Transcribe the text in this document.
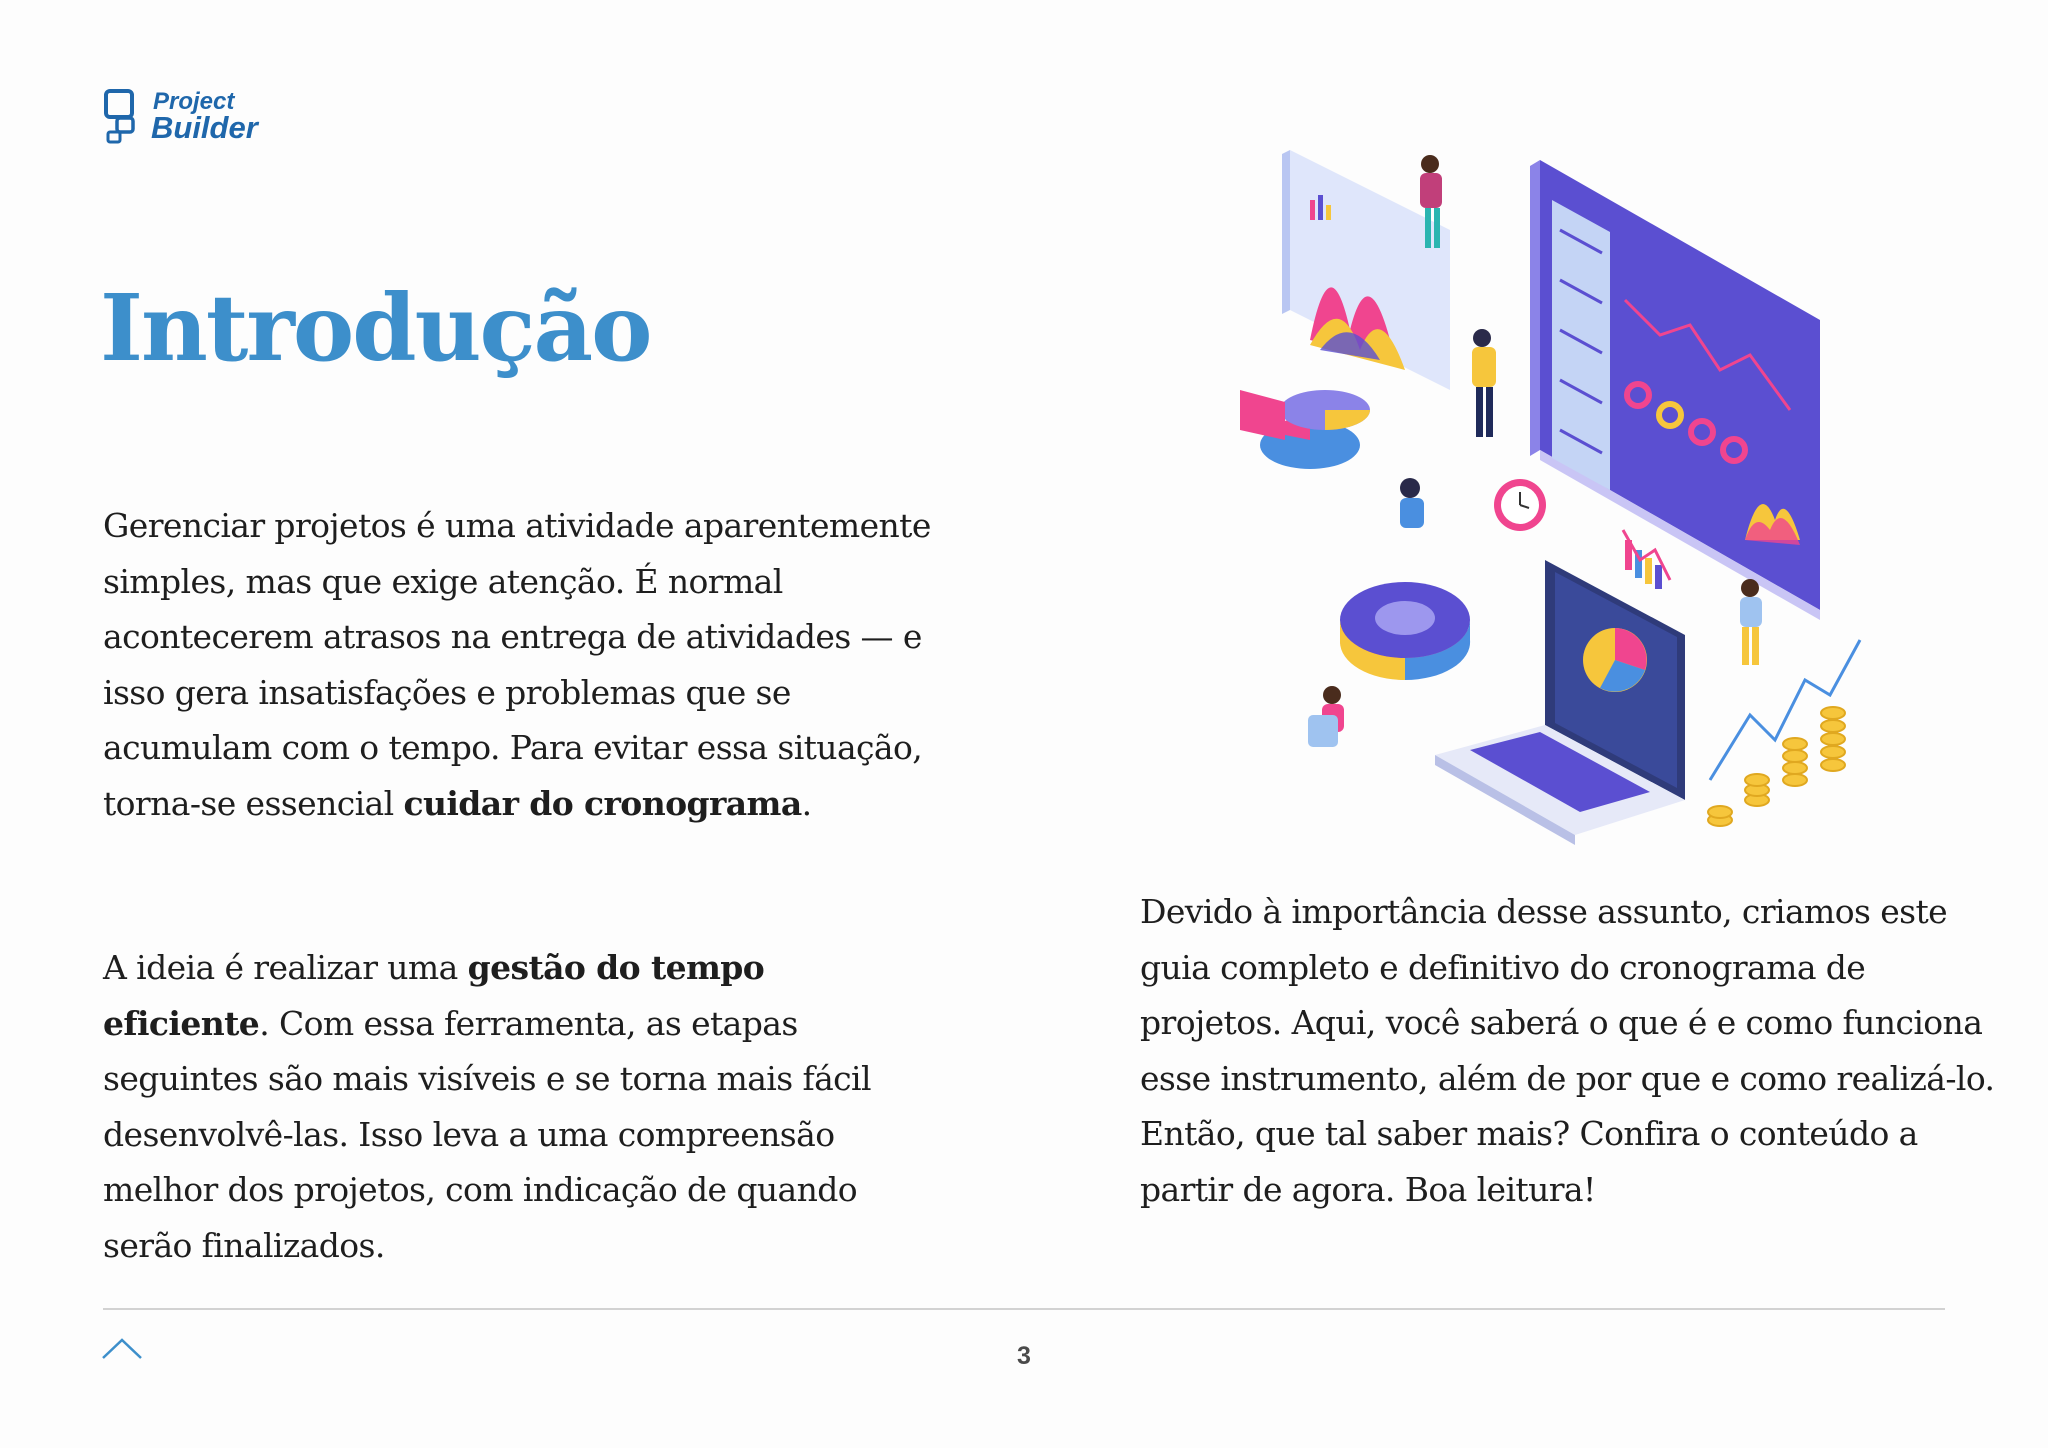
Project
Builder
Introdução

Gerenciar projetos é uma atividade aparentemente simples, mas que exige atenção. É normal acontecerem atrasos na entrega de atividades — e isso gera insatisfações e problemas que se acumulam com o tempo. Para evitar essa situação, torna-se essencial cuidar do cronograma.

A ideia é realizar uma gestão do tempo eficiente. Com essa ferramenta, as etapas seguintes são mais visíveis e se torna mais fácil desenvolvê-las. Isso leva a uma compreensão melhor dos projetos, com indicação de quando serão finalizados.

Devido à importância desse assunto, criamos este guia completo e definitivo do cronograma de projetos. Aqui, você saberá o que é e como funciona esse instrumento, além de por que e como realizá-lo. Então, que tal saber mais? Confira o conteúdo a partir de agora. Boa leitura!

3
